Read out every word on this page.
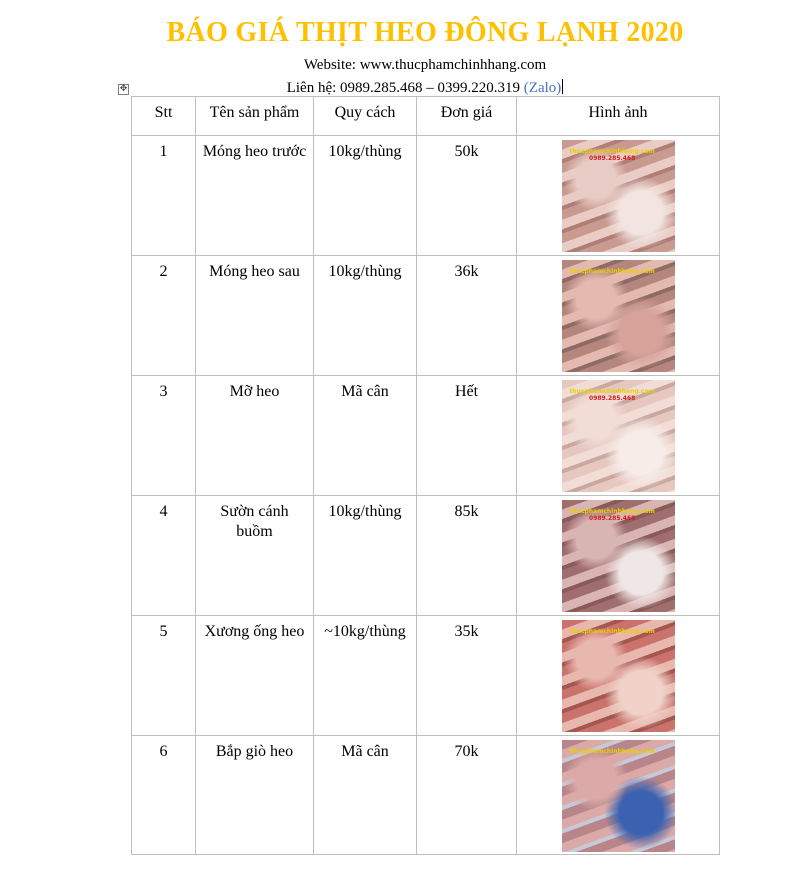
BÁO GIÁ THỊT HEO ĐÔNG LẠNH 2020
Website: www.thucphamchinhhang.com
Liên hệ: 0989.285.468 – 0399.220.319 (Zalo)
✥
Stt	Tên sản phẩm	Quy cách	Đơn giá	Hình ảnh
1	Móng heo trước	10kg/thùng	50k	thucphamchinhhang.com
0989.285.468

2	Móng heo sau	10kg/thùng	36k	thucphamchinhhang.com

3	Mỡ heo	Mã cân	Hết	thucphamchinhhang.com
0989.285.468

4	Sườn cánh buồm	10kg/thùng	85k	thucphamchinhhang.com
0989.285.468

5	Xương ống heo	~10kg/thùng	35k	thucphamchinhhang.com

6	Bắp giò heo	Mã cân	70k	thucphamchinhhang.com
